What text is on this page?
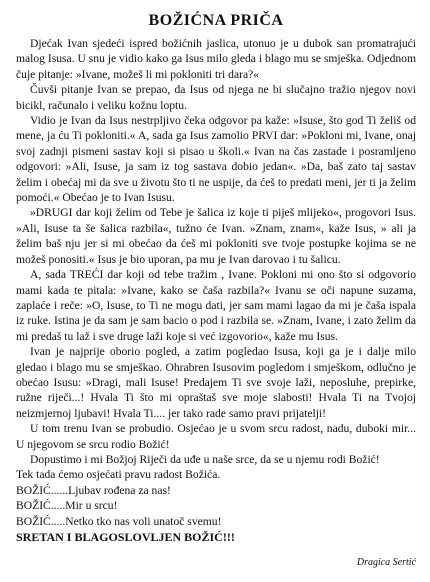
BOŽIĆNA PRIČA

Djećak Ivan sjedeći ispred božićnih jaslica, utonuo je u dubok san promatrajući malog Isusa. U snu je vidio kako ga Isus milo gleda i blago mu se smješka. Odjednom čuje pitanje: »Ivane, možeš li mi pokloniti tri dara?«

Čuvši pitanje Ivan se prepao, da Isus od njega ne bi slučajno tražio njegov novi bicikl, računalo i veliku kožnu loptu.

Vidio je Ivan da Isus nestrpljivo čeka odgovor pa kaže: »Isuse, što god Ti želiš od mene, ja ću Ti pokloniti.« A, sada ga Isus zamolio PRVI dar: »Pokloni mi, Ivane, onaj svoj zadnji pismeni sastav koji si pisao u školi.« Ivan na čas zastade i posramljeno odgovori: »Ali, Isuse, ja sam iz tog sastava dobio jedan«. »Da, baš zato taj sastav želim i obećaj mi da sve u životu što ti ne uspije, da ćeš to predati meni, jer ti ja želim pomoći.« Obećao je to Ivan Isusu.

»DRUGI dar koji želim od Tebe je šalica iz koje ti piješ mlijeko«, progovori Isus. »Ali, Isuse ta še šalica razbila«, tužno će Ivan. »Znam, znam«, kaže Isus, » ali ja želim baš nju jer si mi obećao da ćeš mi pokloniti sve tvoje postupke kojima se ne možeš ponositi.« Isus je bio uporan, pa mu je Ivan darovao i tu šalicu.

A, sada TREĆI dar koji od tebe tražim , Ivane. Pokloni mi ono što si odgovorio mami kada te pitala: »Ivane, kako se čaša razbila?« Ivanu se oči napune suzama, zaplaće i reče: »O, Isuse, to Ti ne mogu dati, jer sam mami lagao da mi je čaša ispala iz ruke. Istina je da sam je sam bacio o pod i razbila se. »Znam, Ivane, i zato želim da mi predaš tu laž i sve druge laži koje si već izgovorio«, kaže mu Isus.

Ivan je najprije oborio pogled, a zatim pogledao Isusa, koji ga je i dalje milo gledao i blago mu se smješkao. Ohrabren Isusovim pogledom i smješkom, odlučno je obećao Isusu: »Dragi, mali Isuse! Predajem Ti sve svoje laži, neposluhe, prepirke, ružne riječi...! Hvala Ti što mi opraštaš sve moje slabosti! Hvala Ti na Tvojoj neizmjernoj ljubavi! Hvala Ti.... jer tako rade samo pravi prijatelji!

U tom trenu Ivan se probudio. Osjećao je u svom srcu radost, nadu, duboki mir... U njegovom se srcu rodio Božić!

Dopustimo i mi Božjoj Riječi da uđe u naše srce, da se u njemu rodi Božić!

Tek tada ćemo osjećati pravu radost Božića.

BOŽIĆ......Ljubav rođena za nas!

BOŽIĆ.....Mir u srcu!

BOŽIĆ.....Netko tko nas voli unatoč svemu!

SRETAN I BLAGOSLOVLJEN BOŽIĆ!!!
Dragica Sertić
